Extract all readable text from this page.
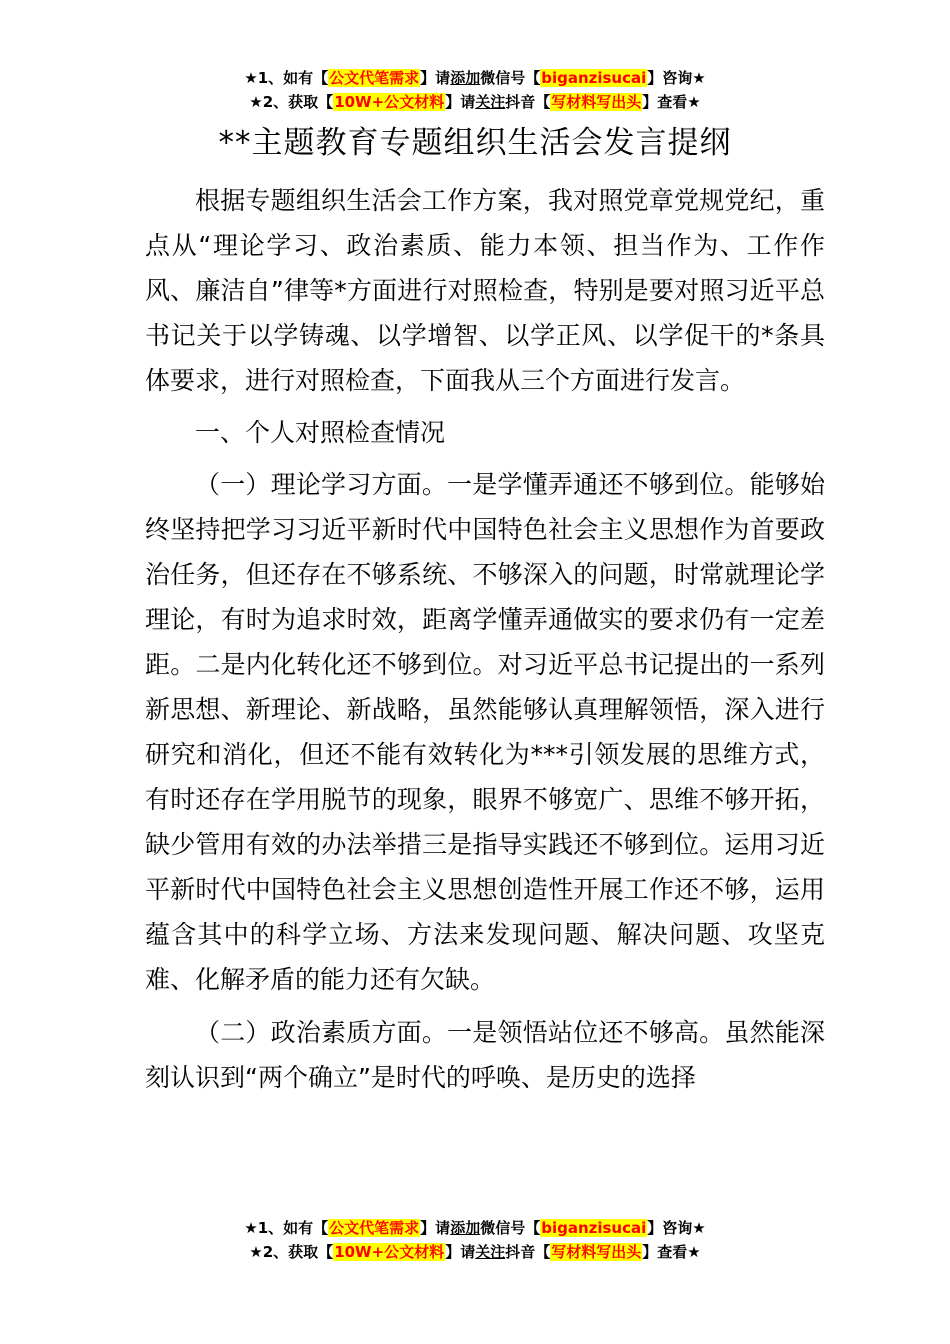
★1、如有【公文代笔需求】请添加微信号【biganzisucai】咨询★
★2、获取【10W+公文材料】请关注抖音【写材料写出头】查看★
**主题教育专题组织生活会发言提纲

根据专题组织生活会工作方案，我对照党章党规党纪，重点从“理论学习、政治素质、能力本领、担当作为、工作作风、廉洁自”律等*方面进行对照检查，特别是要对照习近平总书记关于以学铸魂、以学增智、以学正风、以学促干的*条具体要求，进行对照检查，下面我从三个方面进行发言。

一、个人对照检查情况

（一）理论学习方面。一是学懂弄通还不够到位。能够始终坚持把学习习近平新时代中国特色社会主义思想作为首要政治任务，但还存在不够系统、不够深入的问题，时常就理论学理论，有时为追求时效，距离学懂弄通做实的要求仍有一定差距。二是内化转化还不够到位。对习近平总书记提出的一系列新思想、新理论、新战略，虽然能够认真理解领悟，深入进行研究和消化，但还不能有效转化为***引领发展的思维方式，有时还存在学用脱节的现象，眼界不够宽广、思维不够开拓，缺少管用有效的办法举措三是指导实践还不够到位。运用习近平新时代中国特色社会主义思想创造性开展工作还不够，运用蕴含其中的科学立场、方法来发现问题、解决问题、攻坚克难、化解矛盾的能力还有欠缺。

（二）政治素质方面。一是领悟站位还不够高。虽然能深刻认识到“两个确立”是时代的呼唤、是历史的选择

★1、如有【公文代笔需求】请添加微信号【biganzisucai】咨询★
★2、获取【10W+公文材料】请关注抖音【写材料写出头】查看★
